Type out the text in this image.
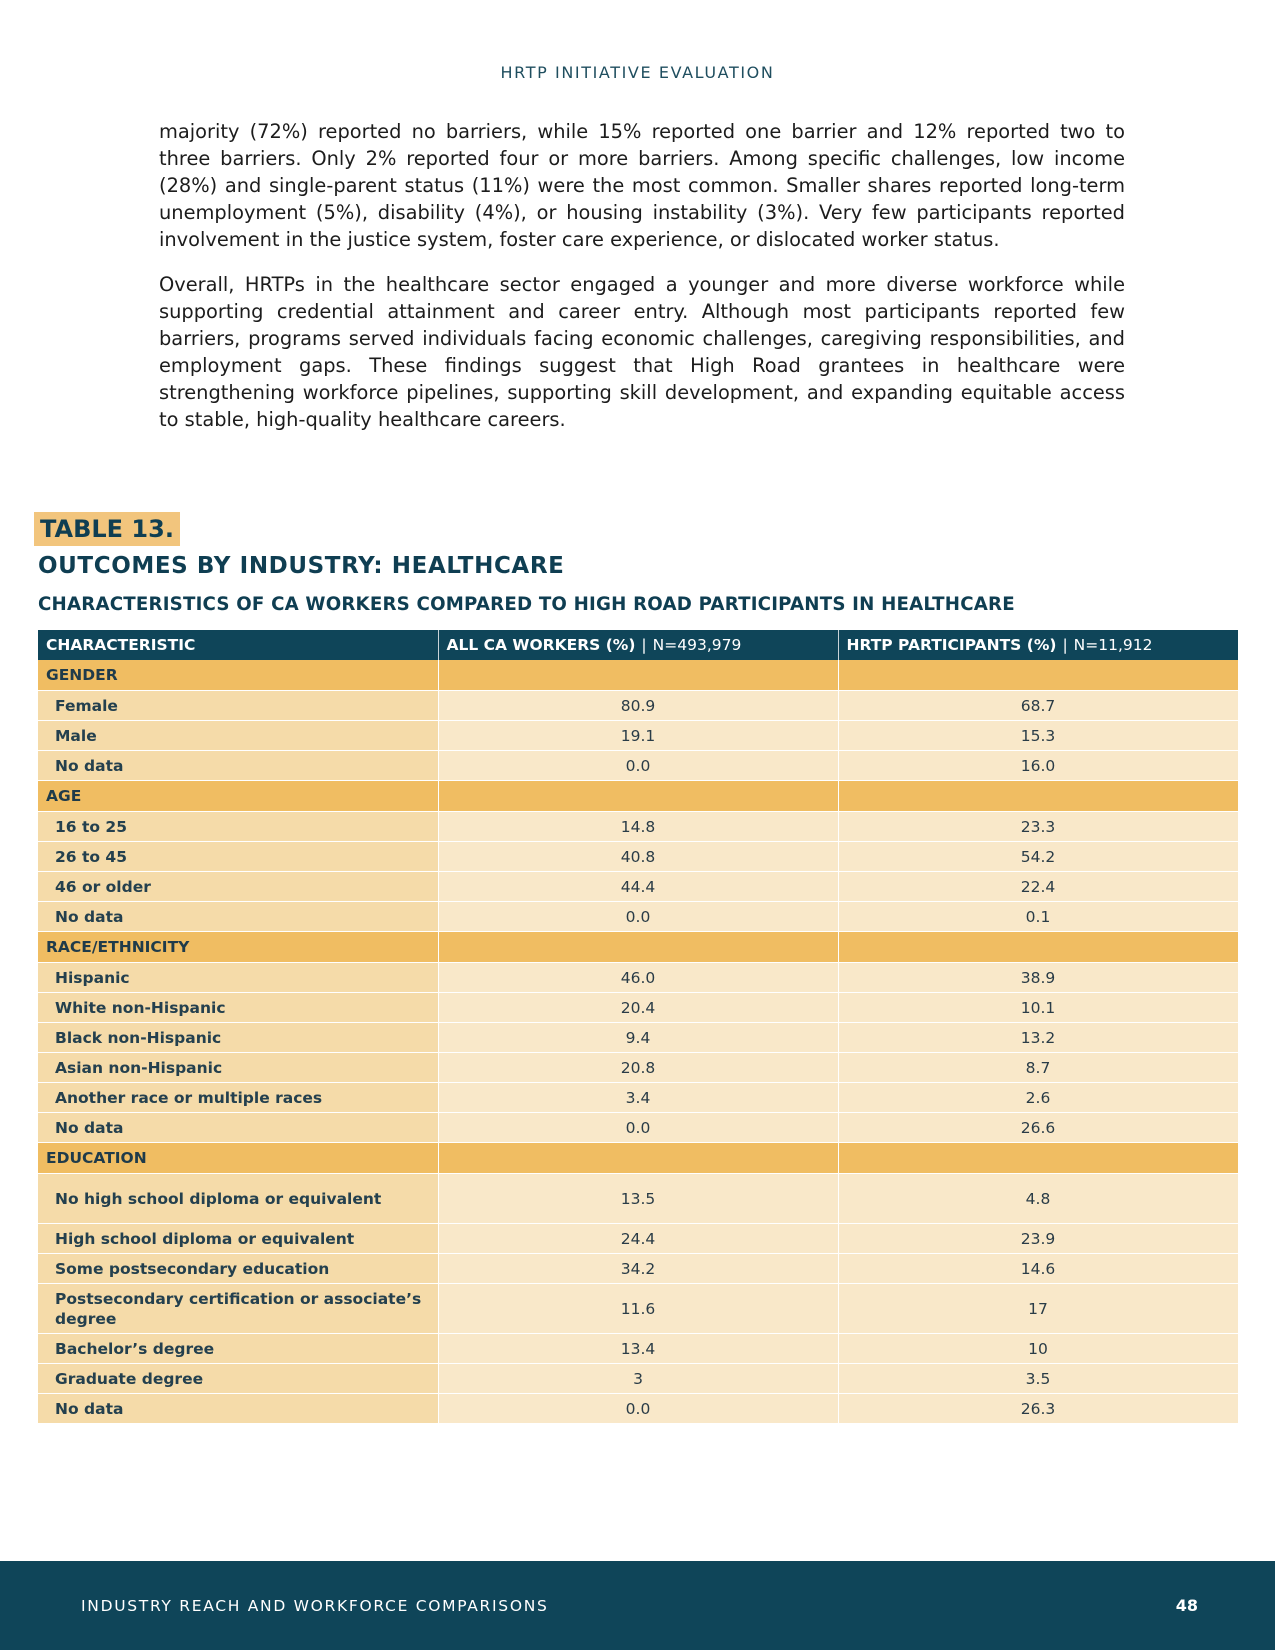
HRTP INITIATIVE EVALUATION

majority (72%) reported no barriers, while 15% reported one barrier and 12% reported two to three barriers. Only 2% reported four or more barriers. Among specific challenges, low income (28%) and single-parent status (11%) were the most common. Smaller shares reported long-term unemployment (5%), disability (4%), or housing instability (3%). Very few participants reported involvement in the justice system, foster care experience, or dislocated worker status.

Overall, HRTPs in the healthcare sector engaged a younger and more diverse workforce while supporting credential attainment and career entry. Although most participants reported few barriers, programs served individuals facing economic challenges, caregiving responsibilities, and employment gaps. These findings suggest that High Road grantees in healthcare were strengthening workforce pipelines, supporting skill development, and expanding equitable access to stable, high-quality healthcare careers.

TABLE 13.
OUTCOMES BY INDUSTRY: HEALTHCARE
CHARACTERISTICS OF CA WORKERS COMPARED TO HIGH ROAD PARTICIPANTS IN HEALTHCARE
CHARACTERISTIC	ALL CA WORKERS (%) | N=493,979	HRTP PARTICIPANTS (%) | N=11,912
GENDER		
Female	80.9	68.7
Male	19.1	15.3
No data	0.0	16.0
AGE		
16 to 25	14.8	23.3
26 to 45	40.8	54.2
46 or older	44.4	22.4
No data	0.0	0.1
RACE/ETHNICITY		
Hispanic	46.0	38.9
White non-Hispanic	20.4	10.1
Black non-Hispanic	9.4	13.2
Asian non-Hispanic	20.8	8.7
Another race or multiple races	3.4	2.6
No data	0.0	26.6
EDUCATION		
No high school diploma or equivalent	13.5	4.8
High school diploma or equivalent	24.4	23.9
Some postsecondary education	34.2	14.6
Postsecondary certification or associate’s degree	11.6	17
Bachelor’s degree	13.4	10
Graduate degree	3	3.5
No data	0.0	26.3
INDUSTRY REACH AND WORKFORCE COMPARISONS	48
